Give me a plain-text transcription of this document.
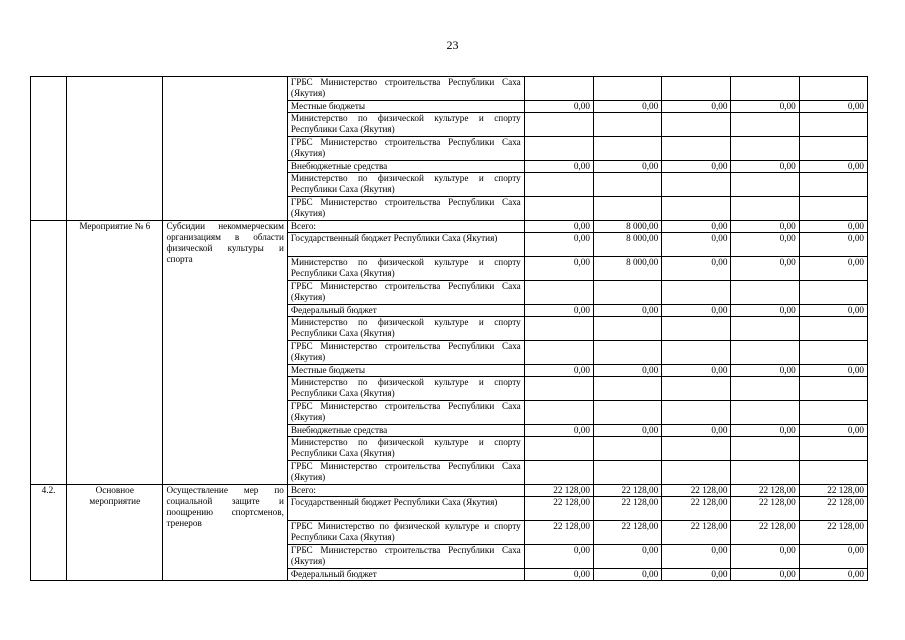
23
			ГРБС Министерство строительства Республики Саха (Якутия)					
			Местные бюджеты	0,00	0,00	0,00	0,00	0,00
			Министерство по физической культуре и спорту Республики Саха (Якутия)					
			ГРБС Министерство строительства Республики Саха (Якутия)					
			Внебюджетные средства	0,00	0,00	0,00	0,00	0,00
			Министерство по физической культуре и спорту Республики Саха (Якутия)					
			ГРБС Министерство строительства Республики Саха (Якутия)					
	Мероприятие № 6	Субсидии некоммерческим организациям в области физической культуры и спорта	Всего:	0,00	8 000,00	0,00	0,00	0,00
			Государственный бюджет Республики Саха (Якутия)	0,00	8 000,00	0,00	0,00	0,00
			Министерство по физической культуре и спорту Республики Саха (Якутия)	0,00	8 000,00	0,00	0,00	0,00
			ГРБС Министерство строительства Республики Саха (Якутия)					
			Федеральный бюджет	0,00	0,00	0,00	0,00	0,00
			Министерство по физической культуре и спорту Республики Саха (Якутия)					
			ГРБС Министерство строительства Республики Саха (Якутия)					
			Местные бюджеты	0,00	0,00	0,00	0,00	0,00
			Министерство по физической культуре и спорту Республики Саха (Якутия)					
			ГРБС Министерство строительства Республики Саха (Якутия)					
			Внебюджетные средства	0,00	0,00	0,00	0,00	0,00
			Министерство по физической культуре и спорту Республики Саха (Якутия)					
			ГРБС Министерство строительства Республики Саха (Якутия)					
4.2.	Основное мероприятие	Осуществление мер по социальной защите и поощрению спортсменов, тренеров	Всего:	22 128,00	22 128,00	22 128,00	22 128,00	22 128,00
			Государственный бюджет Республики Саха (Якутия)	22 128,00	22 128,00	22 128,00	22 128,00	22 128,00
			ГРБС Министерство по физической культуре и спорту Республики Саха (Якутия)	22 128,00	22 128,00	22 128,00	22 128,00	22 128,00
			ГРБС Министерство строительства Республики Саха (Якутия)	0,00	0,00	0,00	0,00	0,00
			Федеральный бюджет	0,00	0,00	0,00	0,00	0,00
